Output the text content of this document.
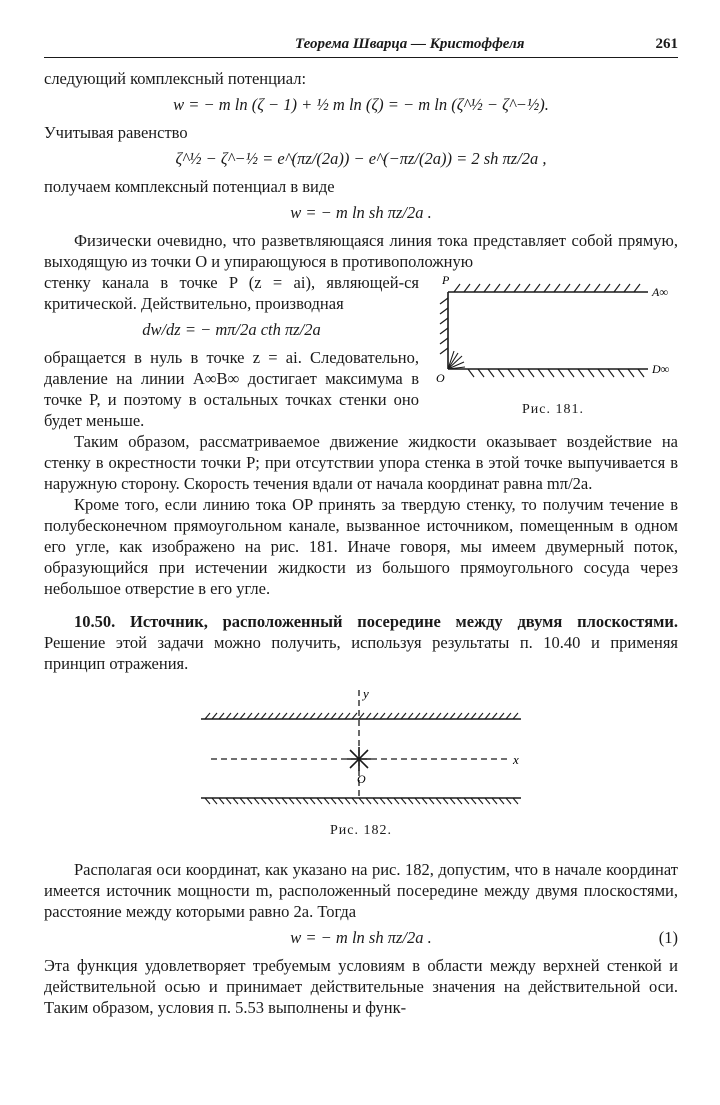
Теорема Шварца — Кристоффеля	261

следующий комплексный потенциал:

w = − m ln (ζ − 1) + ½ m ln (ζ) = − m ln (ζ^½ − ζ^−½).

Учитывая равенство

ζ^½ − ζ^−½ = e^(πz/(2a)) − e^(−πz/(2a)) = 2 sh πz/2a ,

получаем комплексный потенциал в виде

w = − m ln sh πz/2a .

Физически очевидно, что разветвляющаяся линия тока представляет собой прямую, выходящую из точки O и упирающуюся в противоположную

стенку канала в точке P (z = ai), являющей-ся критической. Действительно, производная

dw/dz = − mπ/2a cth πz/2a

обращается в нуль в точке z = ai. Следовательно, давление на линии A∞B∞ достигает максимума в точке P, и поэтому в остальных точках стенки оно будет меньше.

P
A∞
O
D∞
Рис. 181.

Таким образом, рассматриваемое движение жидкости оказывает воздействие на стенку в окрестности точки P; при отсутствии упора стенка в этой точке выпучивается в наружную сторону. Скорость течения вдали от начала координат равна mπ/2a.

Кроме того, если линию тока OP принять за твердую стенку, то получим течение в полубесконечном прямоугольном канале, вызванное источником, помещенным в одном его угле, как изображено на рис. 181. Иначе говоря, мы имеем двумерный поток, образующийся при истечении жидкости из большого прямоугольного сосуда через небольшое отверстие в его угле.

10.50. Источник, расположенный посередине между двумя плоскостями. Решение этой задачи можно получить, используя результаты п. 10.40 и применяя принцип отражения.

y
x
O
Рис. 182.

Располагая оси координат, как указано на рис. 182, допустим, что в начале координат имеется источник мощности m, расположенный посередине между двумя плоскостями, расстояние между которыми равно 2a. Тогда

w = − m ln sh πz/2a .	(1)

Эта функция удовлетворяет требуемым условиям в области между верхней стенкой и действительной осью и принимает действительные значения на действительной оси. Таким образом, условия п. 5.53 выполнены и функ-
